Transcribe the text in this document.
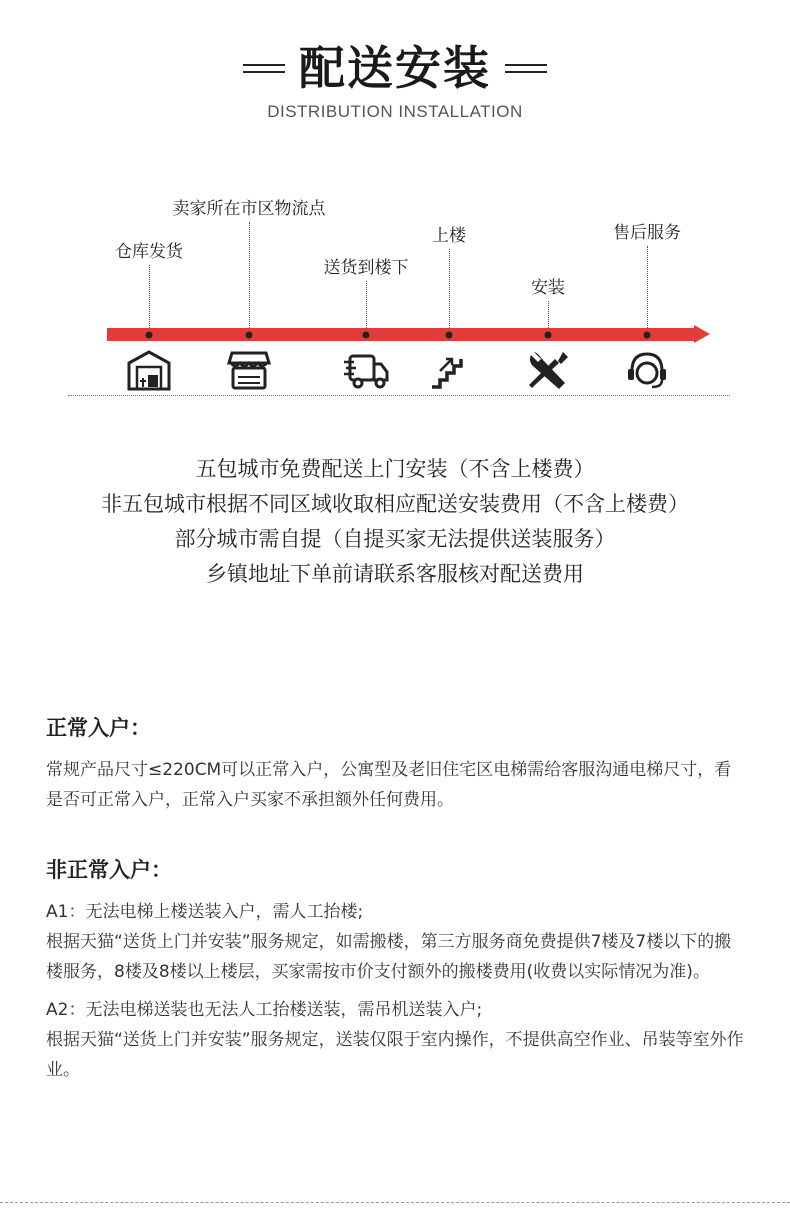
配送安装
DISTRIBUTION INSTALLATION
仓库发货
卖家所在市区物流点
送货到楼下
上楼
安装
售后服务
五包城市免费配送上门安装（不含上楼费）
非五包城市根据不同区域收取相应配送安装费用（不含上楼费）
部分城市需自提（自提买家无法提供送装服务）
乡镇地址下单前请联系客服核对配送费用
正常入户：

常规产品尺寸≤220CM可以正常入户，公寓型及老旧住宅区电梯需给客服沟通电梯尺寸，看是否可正常入户，正常入户买家不承担额外任何费用。

非正常入户：

A1：无法电梯上楼送装入户，需人工抬楼;

根据天猫“送货上门并安装”服务规定，如需搬楼，第三方服务商免费提供7楼及7楼以下的搬楼服务，8楼及8楼以上楼层，买家需按市价支付额外的搬楼费用(收费以实际情况为准)。

A2：无法电梯送装也无法人工抬楼送装，需吊机送装入户;

根据天猫“送货上门并安装”服务规定，送装仅限于室内操作，不提供高空作业、吊装等室外作业。
